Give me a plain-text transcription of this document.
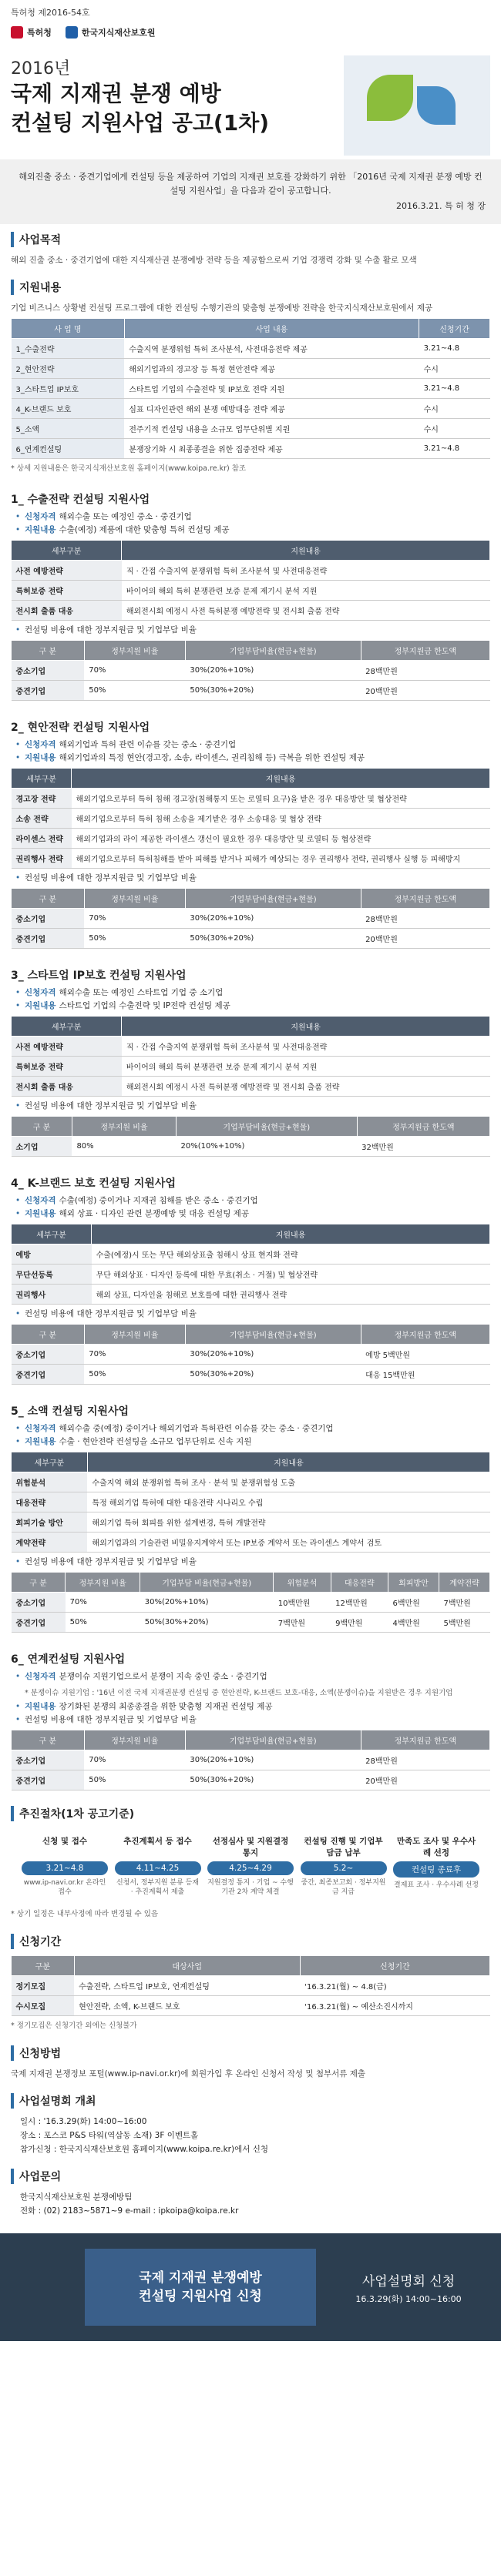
특허청 제2016-54호
특허청	한국지식재산보호원
2016년
국제 지재권 분쟁 예방
컨설팅 지원사업 공고(1차)
해외진출 중소 · 중견기업에게 컨설팅 등을 제공하여 기업의 지재권 보호를 강화하기 위한 「2016년 국제 지재권 분쟁 예방 컨설팅 지원사업」을 다음과 같이 공고합니다.
2016.3.21. 특 허 청 장
사업목적
해외 진출 중소 · 중견기업에 대한 지식재산권 분쟁예방 전략 등을 제공함으로써 기업 경쟁력 강화 및 수출 활로 모색
지원내용
기업 비즈니스 상황별 컨설팅 프로그램에 대한 컨설팅 수행기관의 맞춤형 분쟁예방 전략을 한국지식재산보호원에서 제공
사 업 명	사업 내용	신청기간
1_수출전략	수출지역 분쟁위험 특허 조사분석, 사전대응전략 제공	3.21~4.8
2_현안전략	해외기업과의 경고장 등 특정 현안전략 제공	수시
3_스타트업 IP보호	스타트업 기업의 수출전략 및 IP보호 전략 지원	3.21~4.8
4_K-브랜드 보호	심표 디자인관련 해외 분쟁 예방대응 전략 제공	수시
5_소액	전주기적 컨설팅 내용을 소규모 업무단위별 지원	수시
6_연계컨설팅	분쟁장기화 시 최종종결을 위한 집중전략 제공	3.21~4.8
* 상세 지원내용은 한국지식재산보호원 홈페이지(www.koipa.re.kr) 참조
1_ 수출전략 컨설팅 지원사업
• 신청자격 해외수출 또는 예정인 중소 · 중견기업
• 지원내용 수출(예정) 제품에 대한 맞춤형 특허 컨설팅 제공
세부구분	지원내용
사전 예방전략	직 · 간접 수출지역 분쟁위험 특허 조사분석 및 사전대응전략
특허보증 전략	바이어의 해외 특허 분쟁관련 보증 문제 제기시 분석 지원
전시회 출품 대응	해외전시회 예정시 사전 특허분쟁 예방전략 및 전시회 출품 전략
• 컨설팅 비용에 대한 정부지원금 및 기업부담 비율
구 분	정부지원 비율	기업부담비율(현금+현물)	정부지원금 한도액
중소기업	70%	30%(20%+10%)	28백만원
중견기업	50%	50%(30%+20%)	20백만원
2_ 현안전략 컨설팅 지원사업
• 신청자격 해외기업과 특허 관련 이슈를 갖는 중소 · 중견기업
• 지원내용 해외기업과의 특정 현안(경고장, 소송, 라이센스, 권리침해 등) 극복을 위한 컨설팅 제공
세부구분	지원내용
경고장 전략	해외기업으로부터 특허 침해 경고장(침해통지 또는 로열티 요구)을 받은 경우 대응방안 및 협상전략
소송 전략	해외기업으로부터 특허 침해 소송을 제기받은 경우 소송대응 및 협상 전략
라이센스 전략	해외기업과의 라이 제공한 라이센스 갱신이 필요한 경우 대응방안 및 로열티 등 협상전략
권리행사 전략	해외기업으로부터 특허침해를 받아 피해를 받거나 피해가 예상되는 경우 권리행사 전략, 권리행사 실행 등 피해방지
• 컨설팅 비용에 대한 정부지원금 및 기업부담 비율
구 분	정부지원 비율	기업부담비율(현금+현물)	정부지원금 한도액
중소기업	70%	30%(20%+10%)	28백만원
중견기업	50%	50%(30%+20%)	20백만원
3_ 스타트업 IP보호 컨설팅 지원사업
• 신청자격 해외수출 또는 예정인 스타트업 기업 중 소기업
• 지원내용 스타트업 기업의 수출전략 및 IP전략 컨설팅 제공
세부구분	지원내용
사전 예방전략	직 · 간접 수출지역 분쟁위험 특허 조사분석 및 사전대응전략
특허보증 전략	바이어의 해외 특허 분쟁관련 보증 문제 제기시 분석 지원
전시회 출품 대응	해외전시회 예정시 사전 특허분쟁 예방전략 및 전시회 출품 전략
• 컨설팅 비용에 대한 정부지원금 및 기업부담 비율
구 분	정부지원 비율	기업부담비율(현금+현물)	정부지원금 한도액
소기업	80%	20%(10%+10%)	32백만원
4_ K-브랜드 보호 컨설팅 지원사업
• 신청자격 수출(예정) 중이거나 지재권 침해를 받은 중소 · 중견기업
• 지원내용 해외 상표 · 디자인 관련 분쟁예방 및 대응 컨설팅 제공
세부구분	지원내용
예방	수출(예정)시 또는 무단 해외상표출 침해시 상표 현지화 전략
무단선등록	무단 해외상표 · 디자인 등록에 대한 무효(취소 · 거절) 및 협상전략
권리행사	해외 상표, 디자인을 침해로 보호를에 대한 권리행사 전략
• 컨설팅 비용에 대한 정부지원금 및 기업부담 비율
구 분	정부지원 비율	기업부담비율(현금+현물)	정부지원금 한도액
중소기업	70%	30%(20%+10%)	예방 5백만원
중견기업	50%	50%(30%+20%)	대응 15백만원
5_ 소액 컨설팅 지원사업
• 신청자격 해외수출 중(예정) 중이거나 해외기업과 특허관련 이슈를 갖는 중소 · 중견기업
• 지원내용 수출 · 현안전략 컨설팅을 소규모 업무단위로 신속 지원
세부구분	지원내용
위험분석	수출지역 해외 분쟁위험 특허 조사 · 분석 및 분쟁위험성 도출
대응전략	특정 해외기업 특허에 대한 대응전략 시나리오 수립
회피기술 방안	해외기업 특허 회피를 위한 설계변경, 특허 개발전략
계약전략	해외기업과의 기술관련 비밀유지계약서 또는 IP보증 계약서 또는 라이센스 계약서 검토
• 컨설팅 비용에 대한 정부지원금 및 기업부담 비율
구 분	정부지원 비율	기업부담 비율(현금+현물)	위험분석	대응전략	회피방안	계약전략
중소기업	70%	30%(20%+10%)	10백만원	12백만원	6백만원	7백만원
중견기업	50%	50%(30%+20%)	7백만원	9백만원	4백만원	5백만원
6_ 연계컨설팅 지원사업
• 신청자격 분쟁이슈 지원기업으로서 분쟁이 지속 중인 중소 · 중견기업
* 분쟁이슈 지원기업 : '16년 이전 국제 지재권분쟁 컨설팅 중 현안전략, K-브랜드 보호-대응, 소액(분쟁이슈)을 지원받은 경우 지원기업
• 지원내용 장기화된 분쟁의 최종종결을 위한 맞춤형 지재권 컨설팅 제공
• 컨설팅 비용에 대한 정부지원금 및 기업부담 비율
구 분	정부지원 비율	기업부담비율(현금+현물)	정부지원금 한도액
중소기업	70%	30%(20%+10%)	28백만원
중견기업	50%	50%(30%+20%)	20백만원
추진절차(1차 공고기준)
신청 및 접수
3.21~4.8
www.ip-navi.or.kr 온라인 접수
추진계획서 등 접수
4.11~4.25
신청서, 정부지원 분류 등재 · 추진계획서 제출
선정심사 및 지원결정 통지
4.25~4.29
지원결정 통지 · 기업 ~ 수행기관 2차 계약 체결
컨설팅 진행 및 기업부담금 납부
5.2~
중간, 최종보고회 · 정부지원금 지급
만족도 조사 및 우수사례 선정
컨설팅 종료후
결제표 조사 · 우수사례 선정
* 상기 일정은 내부사정에 따라 변경될 수 있음
신청기간
구분	대상사업	신청기간
정기모집	수출전략, 스타트업 IP보호, 연계컨설팅	'16.3.21(월) ~ 4.8(금)
수시모집	현안전략, 소액, K-브랜드 보호	'16.3.21(월) ~ 예산소진시까지
* 정기모집은 신청기간 외에는 신청불가
신청방법
국제 지재권 분쟁정보 포털(www.ip-navi.or.kr)에 회원가입 후 온라인 신청서 작성 및 첨부서류 제출
사업설명회 개최
일시 : '16.3.29(화) 14:00~16:00
장소 : 포스코 P&S 타워(역삼동 소재) 3F 이벤트홀
참가신청 : 한국지식재산보호원 홈페이지(www.koipa.re.kr)에서 신청
사업문의
한국지식재산보호원 분쟁예방팀
전화 : (02) 2183~5871~9 e-mail : ipkoipa@koipa.re.kr
국제 지재권 분쟁예방
컨설팅 지원사업 신청
사업설명회 신청
16.3.29(화) 14:00~16:00
